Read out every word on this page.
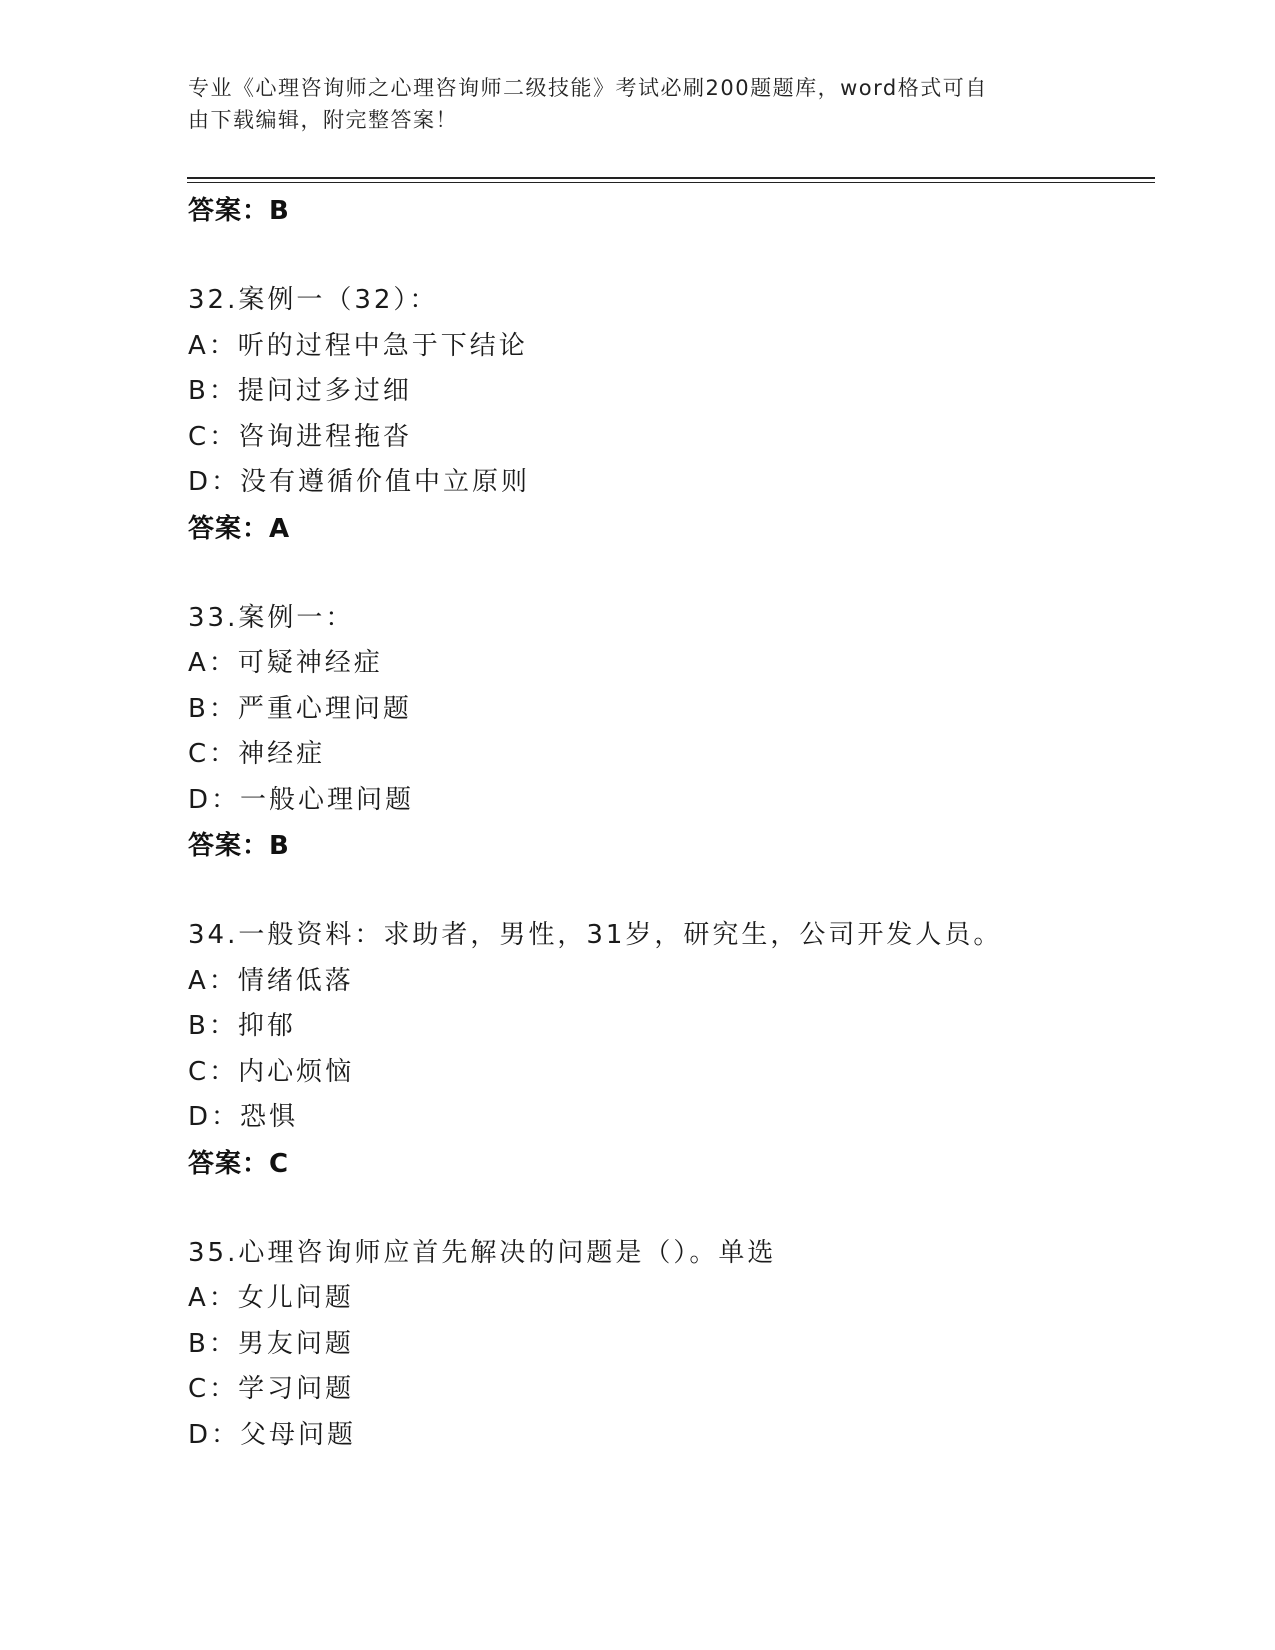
专业《心理咨询师之心理咨询师二级技能》考试必刷200题题库，word格式可自
由下载编辑，附完整答案！
答案：B
32.案例一（32）：
A：听的过程中急于下结论
B：提问过多过细
C：咨询进程拖沓
D：没有遵循价值中立原则
答案：A
33.案例一：
A：可疑神经症
B：严重心理问题
C：神经症
D：一般心理问题
答案：B
34.一般资料：求助者，男性，31岁，研究生，公司开发人员。
A：情绪低落
B：抑郁
C：内心烦恼
D：恐惧
答案：C
35.心理咨询师应首先解决的问题是（）。单选
A：女儿问题
B：男友问题
C：学习问题
D：父母问题
